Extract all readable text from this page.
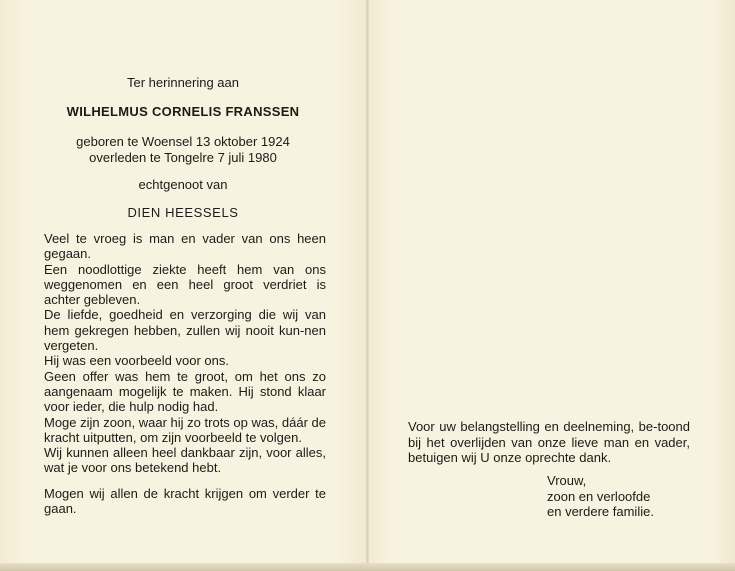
Ter herinnering aan
WILHELMUS CORNELIS FRANSSEN
geboren te Woensel 13 oktober 1924
overleden te Tongelre 7 juli 1980
echtgenoot van
DIEN HEESSELS

Veel te vroeg is man en vader van ons heen gegaan.

Een noodlottige ziekte heeft hem van ons weggenomen en een heel groot verdriet is achter gebleven.

De liefde, goedheid en verzorging die wij van hem gekregen hebben, zullen wij nooit kun-nen vergeten.

Hij was een voorbeeld voor ons.

Geen offer was hem te groot, om het ons zo aangenaam mogelijk te maken. Hij stond klaar voor ieder, die hulp nodig had.

Moge zijn zoon, waar hij zo trots op was, dáár de kracht uitputten, om zijn voorbeeld te volgen.

Wij kunnen alleen heel dankbaar zijn, voor alles, wat je voor ons betekend hebt.

Mogen wij allen de kracht krijgen om verder te gaan.
Voor uw belangstelling en deelneming, be-toond bij het overlijden van onze lieve man en vader, betuigen wij U onze oprechte dank.
Vrouw,
zoon en verloofde
en verdere familie.
